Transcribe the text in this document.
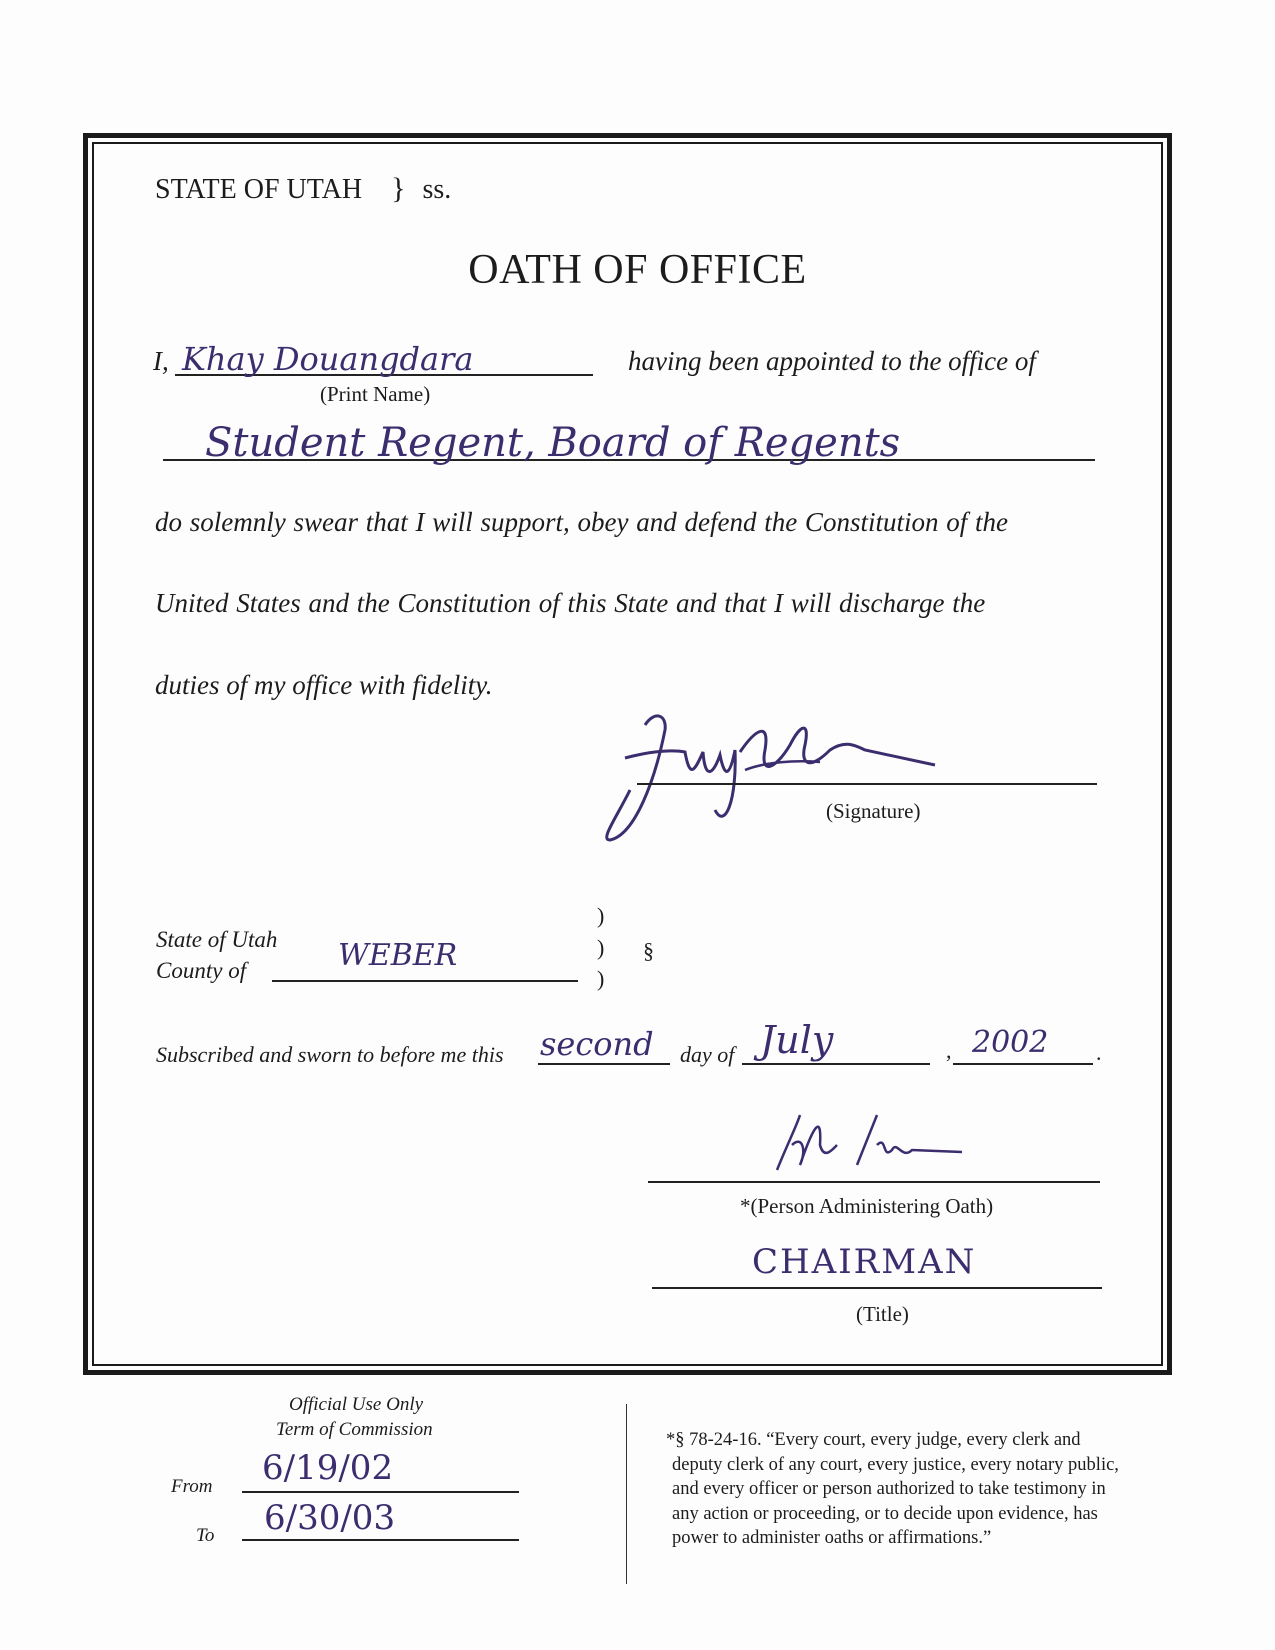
STATE OF UTAH } ss.
OATH OF OFFICE
I, Khay Douangdara
(Print Name)
having been appointed to the office of
Student Regent, Board of Regents
do solemnly swear that I will support, obey and defend the Constitution of the
United States and the Constitution of this State and that I will discharge the
duties of my office with fidelity.
(Signature)
State of Utah
County of	WEBER
)
)
)
§
Subscribed and sworn to before me this second day of July	, 2002 .
*(Person Administering Oath)
CHAIRMAN
(Title)
Official Use Only
Term of Commission
From 6/19/02
To 6/30/03
*§ 78-24-16. “Every court, every judge, every clerk and
deputy clerk of any court, every justice, every notary public,
and every officer or person authorized to take testimony in
any action or proceeding, or to decide upon evidence, has
power to administer oaths or affirmations.”
